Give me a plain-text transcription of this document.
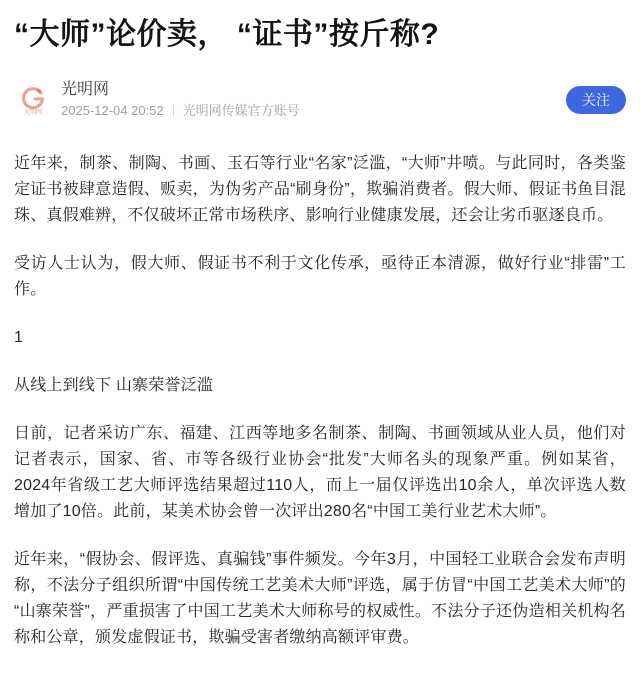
“大师”论价卖， “证书”按斤称?
光明网
光明网
2025-12-04 20:52 光明网传媒官方账号
关注

近年来，制茶、制陶、书画、玉石等行业“名家”泛滥，“大师”井喷。与此同时，各类鉴定证书被肆意造假、贩卖，为伪劣产品“刷身份”，欺骗消费者。假大师、假证书鱼目混珠、真假难辨，不仅破坏正常市场秩序、影响行业健康发展，还会让劣币驱逐良币。

受访人士认为，假大师、假证书不利于文化传承，亟待正本清源，做好行业“排雷”工作。

1

从线上到线下 山寨荣誉泛滥

日前，记者采访广东、福建、江西等地多名制茶、制陶、书画领域从业人员，他们对记者表示，国家、省、市等各级行业协会“批发”大师名头的现象严重。例如某省，2024年省级工艺大师评选结果超过110人，而上一届仅评选出10余人，单次评选人数增加了10倍。此前，某美术协会曾一次评出280名“中国工美行业艺术大师”。

近年来，“假协会、假评选、真骗钱”事件频发。今年3月，中国轻工业联合会发布声明称，不法分子组织所谓“中国传统工艺美术大师”评选，属于仿冒“中国工艺美术大师”的“山寨荣誉”，严重损害了中国工艺美术大师称号的权威性。不法分子还伪造相关机构名称和公章，颁发虚假证书，欺骗受害者缴纳高额评审费。
